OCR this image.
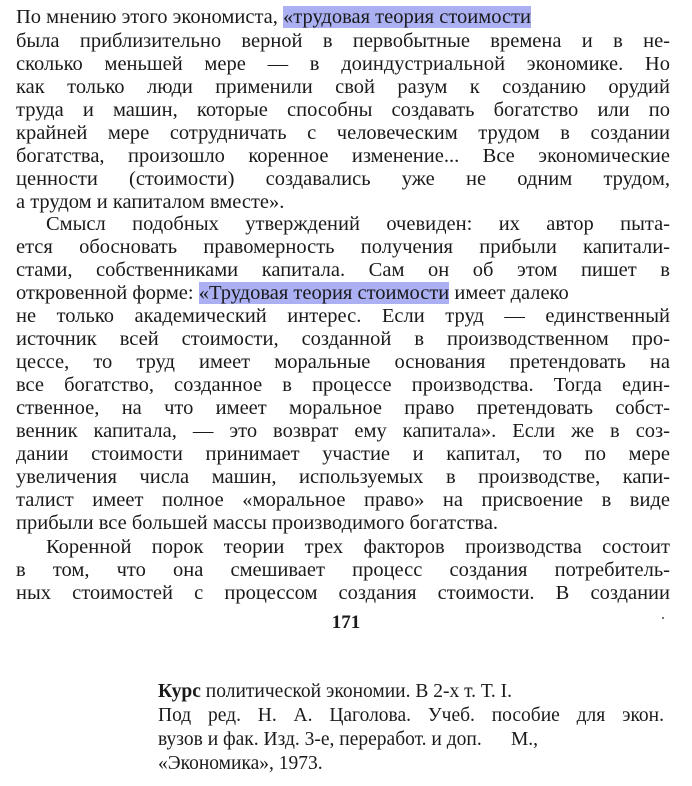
По мнению этого экономиста, «трудовая теория стоимости
была приблизительно верной в первобытные времена и в не-
сколько меньшей мере — в доиндустриальной экономике. Но
как только люди применили свой разум к созданию орудий
труда и машин, которые способны создавать богатство или по
крайней мере сотрудничать с человеческим трудом в создании
богатства, произошло коренное изменение... Все экономические
ценности (стоимости) создавались уже не одним трудом,
а трудом и капиталом вместе».
Смысл подобных утверждений очевиден: их автор пыта-
ется обосновать правомерность получения прибыли капитали-
стами, собственниками капитала. Сам он об этом пишет в
откровенной форме: «Трудовая теория стоимости имеет далеко
не только академический интерес. Если труд — единственный
источник всей стоимости, созданной в производственном про-
цессе, то труд имеет моральные основания претендовать на
все богатство, созданное в процессе производства. Тогда един-
ственное, на что имеет моральное право претендовать собст-
венник капитала, — это возврат ему капитала». Если же в соз-
дании стоимости принимает участие и капитал, то по мере
увеличения числа машин, используемых в производстве, капи-
талист имеет полное «моральное право» на присвоение в виде
прибыли все большей массы производимого богатства.
Коренной порок теории трех факторов производства состоит
в том, что она смешивает процесс создания потребитель-
ных стоимостей с процессом создания стоимости. В создании
171
Курс политической экономии. В 2-х т. Т. I.
Под ред. Н. А. Цаголова. Учеб. пособие для экон.
вузов и фак. Изд. 3-е, переработ. и доп.      М.,
«Экономика», 1973.
